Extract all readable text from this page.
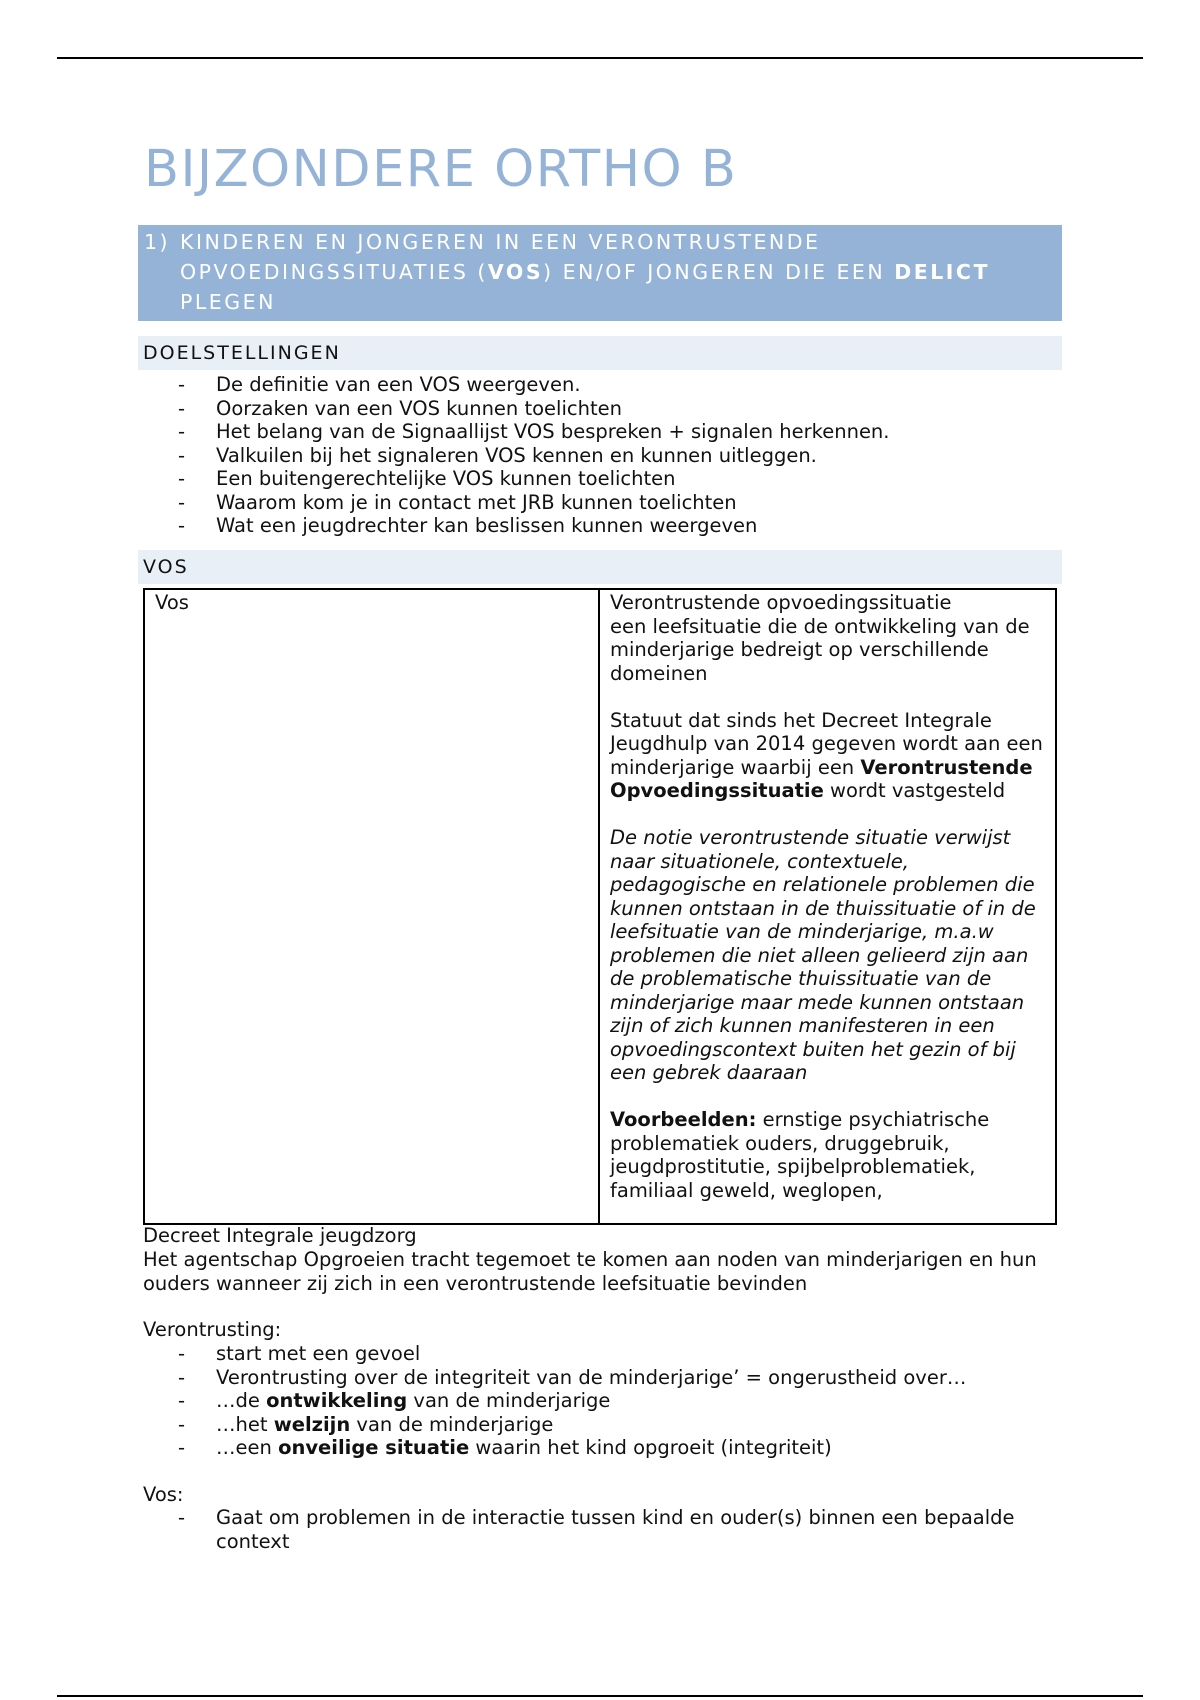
BIJZONDERE ORTHO B
1) KINDEREN EN JONGEREN IN EEN VERONTRUSTENDE OPVOEDINGSSITUATIES (VOS) EN/OF JONGEREN DIE EEN DELICT PLEGEN
DOELSTELLINGEN
- De definitie van een VOS weergeven.
- Oorzaken van een VOS kunnen toelichten
- Het belang van de Signaallijst VOS bespreken + signalen herkennen.
- Valkuilen bij het signaleren VOS kennen en kunnen uitleggen.
- Een buitengerechtelijke VOS kunnen toelichten
- Waarom kom je in contact met JRB kunnen toelichten
- Wat een jeugdrechter kan beslissen kunnen weergeven
VOS
Vos	Verontrustende opvoedingssituatie
een leefsituatie die de ontwikkeling van de minderjarige bedreigt op verschillende domeinen

Statuut dat sinds het Decreet Integrale Jeugdhulp van 2014 gegeven wordt aan een minderjarige waarbij een Verontrustende Opvoedingssituatie wordt vastgesteld

De notie verontrustende situatie verwijst naar situationele, contextuele, pedagogische en relationele problemen die kunnen ontstaan in de thuissituatie of in de leefsituatie van de minderjarige, m.a.w problemen die niet alleen gelieerd zijn aan de problematische thuissituatie van de minderjarige maar mede kunnen ontstaan zijn of zich kunnen manifesteren in een opvoedingscontext buiten het gezin of bij een gebrek daaraan

Voorbeelden: ernstige psychiatrische problematiek ouders, druggebruik, jeugdprostitutie, spijbelproblematiek, familiaal geweld, weglopen,

Decreet Integrale jeugdzorg

Het agentschap Opgroeien tracht tegemoet te komen aan noden van minderjarigen en hun ouders wanneer zij zich in een verontrustende leefsituatie bevinden

Verontrusting:

- start met een gevoel
- Verontrusting over de integriteit van de minderjarige’ = ongerustheid over…
- …de ontwikkeling van de minderjarige
- …het welzijn van de minderjarige
- …een onveilige situatie waarin het kind opgroeit (integriteit)

Vos:

- Gaat om problemen in de interactie tussen kind en ouder(s) binnen een bepaalde context
